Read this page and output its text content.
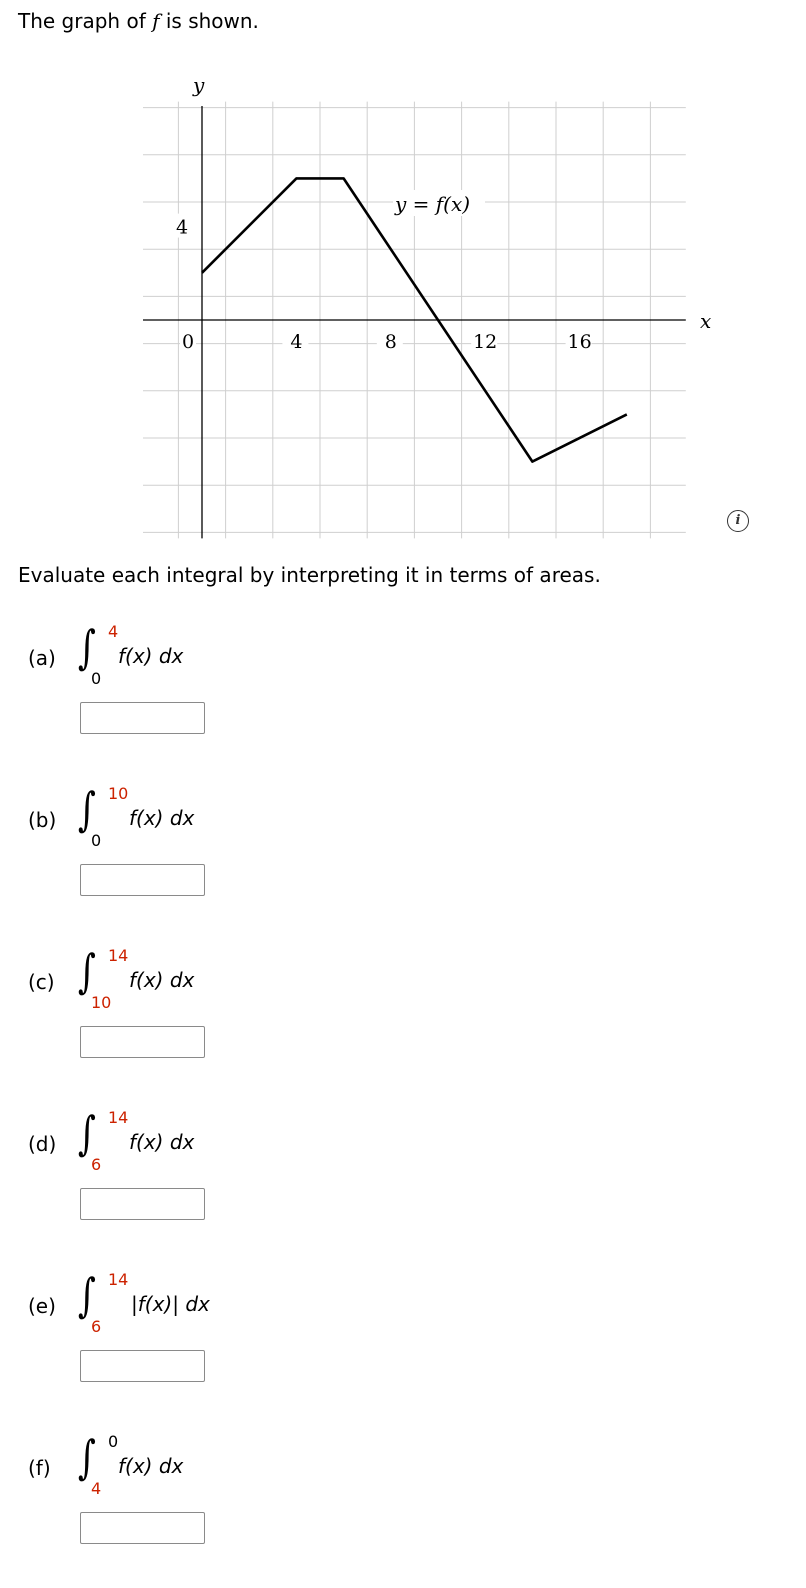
The graph of f is shown.
x
y
0	4	8	12	16
4
y = f(x)
i
Evaluate each integral by interpreting it in terms of areas.
(a) ∫ 4
0
f(x) dx
(b) ∫ 10
0
f(x) dx
(c) ∫ 14
10
f(x) dx
(d) ∫ 14
6
f(x) dx
(e) ∫ 14
6
|f(x)| dx
(f) ∫ 0
4
f(x) dx
